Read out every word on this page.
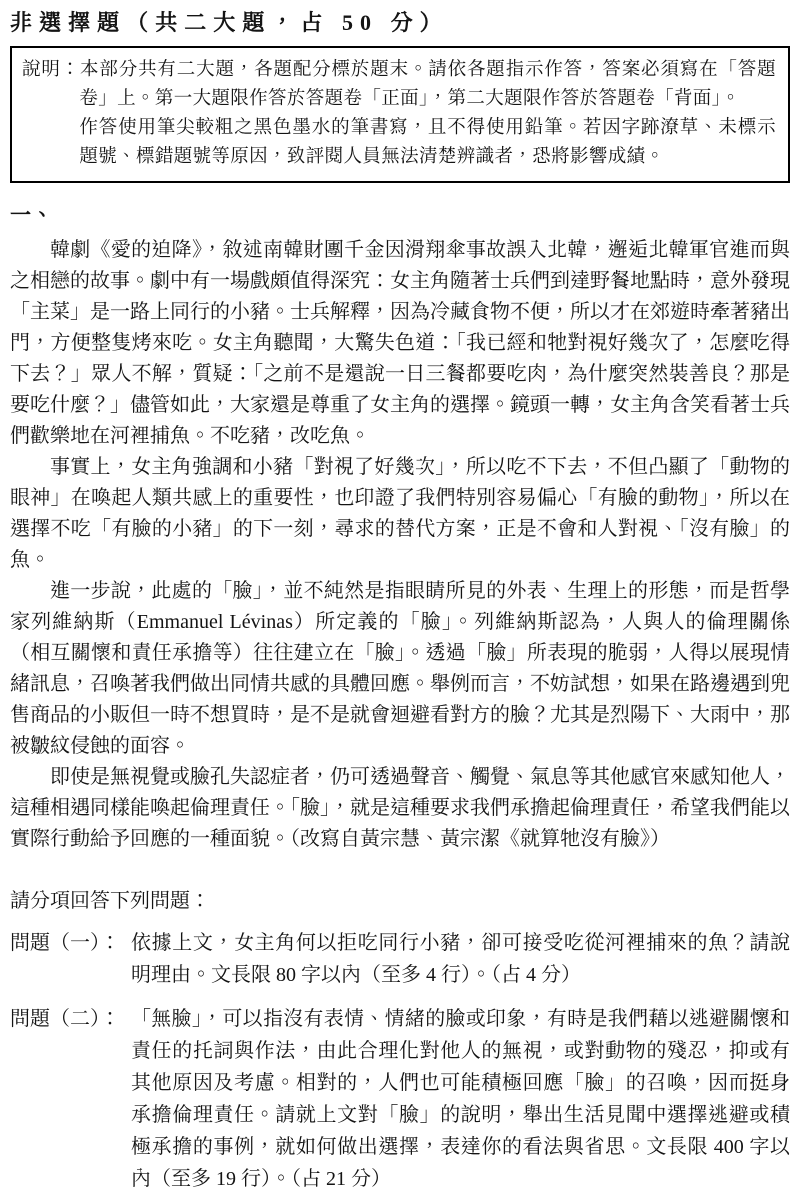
非選擇題（共二大題，占 50 分）

說明：本部分共有二大題，各題配分標於題末。請依各題指示作答，答案必須寫在「答題卷」上。第一大題限作答於答題卷「正面」，第二大題限作答於答題卷「背面」。

作答使用筆尖較粗之黑色墨水的筆書寫，且不得使用鉛筆。若因字跡潦草、未標示題號、標錯題號等原因，致評閱人員無法清楚辨識者，恐將影響成績。

一、

韓劇《愛的迫降》，敘述南韓財團千金因滑翔傘事故誤入北韓，邂逅北韓軍官進而與之相戀的故事。劇中有一場戲頗值得深究：女主角隨著士兵們到達野餐地點時，意外發現「主菜」是一路上同行的小豬。士兵解釋，因為冷藏食物不便，所以才在郊遊時牽著豬出門，方便整隻烤來吃。女主角聽聞，大驚失色道：「我已經和牠對視好幾次了，怎麼吃得下去？」眾人不解，質疑：「之前不是還說一日三餐都要吃肉，為什麼突然裝善良？那是要吃什麼？」儘管如此，大家還是尊重了女主角的選擇。鏡頭一轉，女主角含笑看著士兵們歡樂地在河裡捕魚。不吃豬，改吃魚。

事實上，女主角強調和小豬「對視了好幾次」，所以吃不下去，不但凸顯了「動物的眼神」在喚起人類共感上的重要性，也印證了我們特別容易偏心「有臉的動物」，所以在選擇不吃「有臉的小豬」的下一刻，尋求的替代方案，正是不會和人對視、「沒有臉」的魚。

進一步說，此處的「臉」，並不純然是指眼睛所見的外表、生理上的形態，而是哲學家列維納斯（Emmanuel Lévinas）所定義的「臉」。列維納斯認為，人與人的倫理關係（相互關懷和責任承擔等）往往建立在「臉」。透過「臉」所表現的脆弱，人得以展現情緒訊息，召喚著我們做出同情共感的具體回應。舉例而言，不妨試想，如果在路邊遇到兜售商品的小販但一時不想買時，是不是就會迴避看對方的臉？尤其是烈陽下、大雨中，那被皺紋侵蝕的面容。

即使是無視覺或臉孔失認症者，仍可透過聲音、觸覺、氣息等其他感官來感知他人，這種相遇同樣能喚起倫理責任。「臉」，就是這種要求我們承擔起倫理責任，希望我們能以實際行動給予回應的一種面貌。（改寫自黃宗慧、黃宗潔《就算牠沒有臉》）

請分項回答下列問題：
問題（一）： 依據上文，女主角何以拒吃同行小豬，卻可接受吃從河裡捕來的魚？請說明理由。文長限 80 字以內（至多 4 行）。（占 4 分）
問題（二）： 「無臉」，可以指沒有表情、情緒的臉或印象，有時是我們藉以逃避關懷和責任的托詞與作法，由此合理化對他人的無視，或對動物的殘忍，抑或有其他原因及考慮。相對的，人們也可能積極回應「臉」的召喚，因而挺身承擔倫理責任。請就上文對「臉」的說明，舉出生活見聞中選擇逃避或積極承擔的事例，就如何做出選擇，表達你的看法與省思。文長限 400 字以內（至多 19 行）。（占 21 分）
